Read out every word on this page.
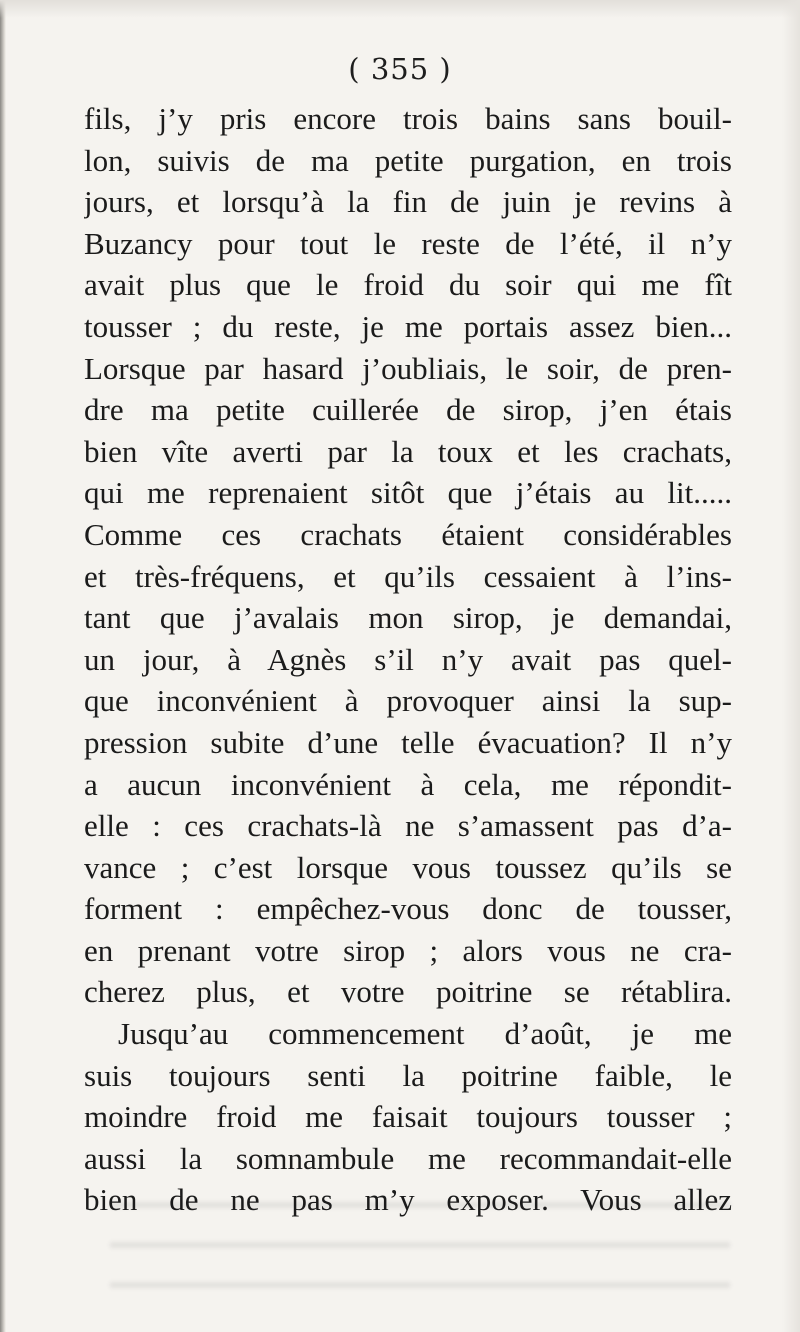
( 355 )
fils, j’y pris encore trois bains sans bouil-
lon, suivis de ma petite purgation, en trois
jours, et lorsqu’à la fin de juin je revins à
Buzancy pour tout le reste de l’été, il n’y
avait plus que le froid du soir qui me fît
tousser ; du reste, je me portais assez bien...
Lorsque par hasard j’oubliais, le soir, de pren-
dre ma petite cuillerée de sirop, j’en étais
bien vîte averti par la toux et les crachats,
qui me reprenaient sitôt que j’étais au lit.....
Comme ces crachats étaient considérables
et très-fréquens, et qu’ils cessaient à l’ins-
tant que j’avalais mon sirop, je demandai,
un jour, à Agnès s’il n’y avait pas quel-
que inconvénient à provoquer ainsi la sup-
pression subite d’une telle évacuation? Il n’y
a aucun inconvénient à cela, me répondit-
elle : ces crachats-là ne s’amassent pas d’a-
vance ; c’est lorsque vous toussez qu’ils se
forment : empêchez-vous donc de tousser,
en prenant votre sirop ; alors vous ne cra-
cherez plus, et votre poitrine se rétablira.
Jusqu’au commencement d’août, je me
suis toujours senti la poitrine faible, le
moindre froid me faisait toujours tousser ;
aussi la somnambule me recommandait-elle
bien de ne pas m’y exposer. Vous allez
